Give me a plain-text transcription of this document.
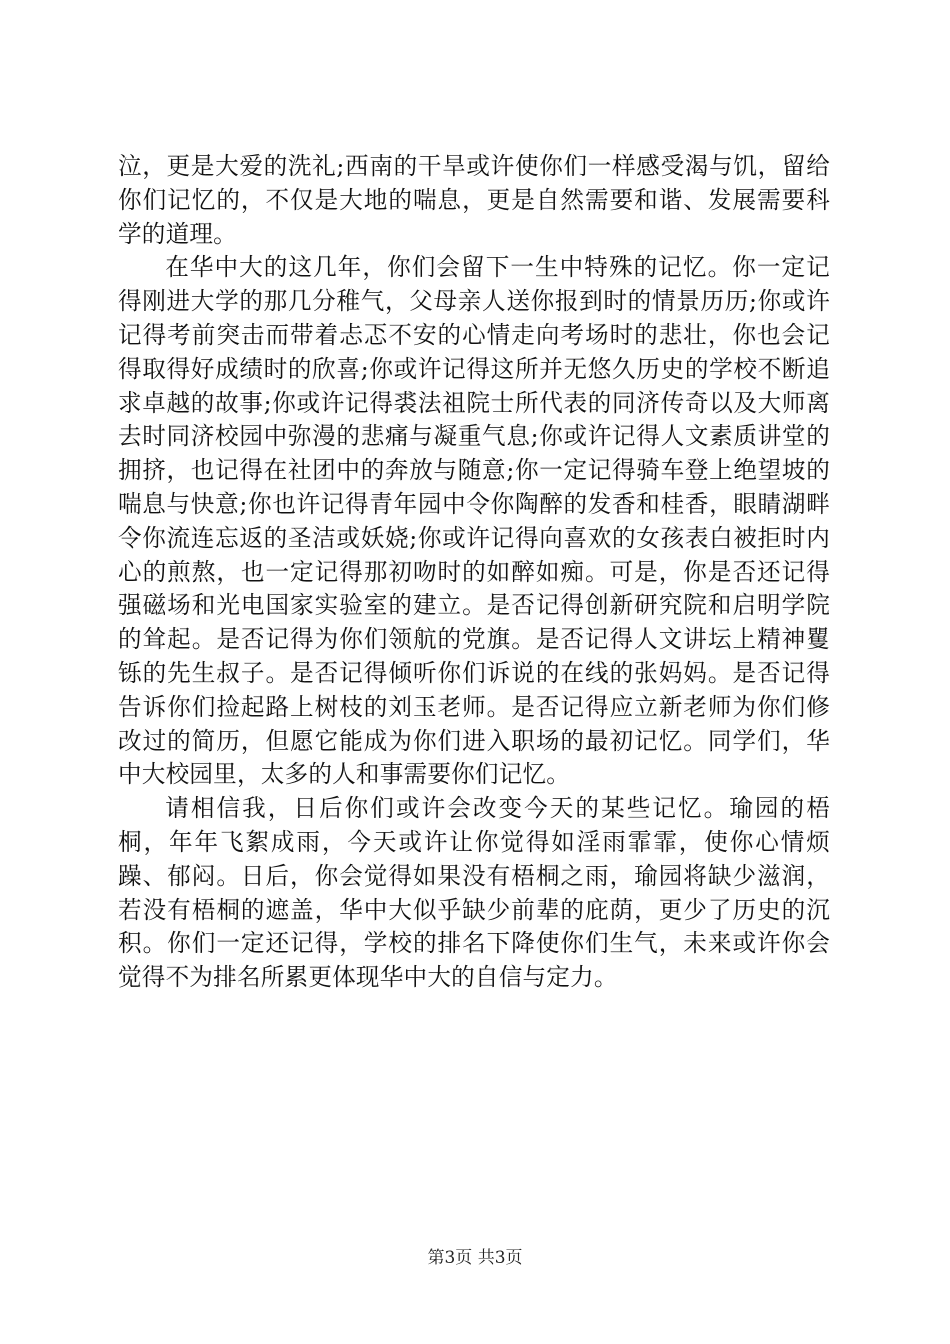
泣，更是大爱的洗礼;西南的干旱或许使你们一样感受渴与饥，留给你们记忆的，不仅是大地的喘息，更是自然需要和谐、发展需要科学的道理。

在华中大的这几年，你们会留下一生中特殊的记忆。你一定记得刚进大学的那几分稚气，父母亲人送你报到时的情景历历;你或许记得考前突击而带着忐忑不安的心情走向考场时的悲壮，你也会记得取得好成绩时的欣喜;你或许记得这所并无悠久历史的学校不断追求卓越的故事;你或许记得裘法祖院士所代表的同济传奇以及大师离去时同济校园中弥漫的悲痛与凝重气息;你或许记得人文素质讲堂的拥挤，也记得在社团中的奔放与随意;你一定记得骑车登上绝望坡的喘息与快意;你也许记得青年园中令你陶醉的发香和桂香，眼睛湖畔令你流连忘返的圣洁或妖娆;你或许记得向喜欢的女孩表白被拒时内心的煎熬，也一定记得那初吻时的如醉如痴。可是，你是否还记得强磁场和光电国家实验室的建立。是否记得创新研究院和启明学院的耸起。是否记得为你们领航的党旗。是否记得人文讲坛上精神矍铄的先生叔子。是否记得倾听你们诉说的在线的张妈妈。是否记得告诉你们捡起路上树枝的刘玉老师。是否记得应立新老师为你们修改过的简历，但愿它能成为你们进入职场的最初记忆。同学们，华中大校园里，太多的人和事需要你们记忆。

请相信我，日后你们或许会改变今天的某些记忆。瑜园的梧桐，年年飞絮成雨，今天或许让你觉得如淫雨霏霏，使你心情烦躁、郁闷。日后，你会觉得如果没有梧桐之雨，瑜园将缺少滋润，若没有梧桐的遮盖，华中大似乎缺少前辈的庇荫，更少了历史的沉积。你们一定还记得，学校的排名下降使你们生气，未来或许你会觉得不为排名所累更体现华中大的自信与定力。

第3页 共3页
